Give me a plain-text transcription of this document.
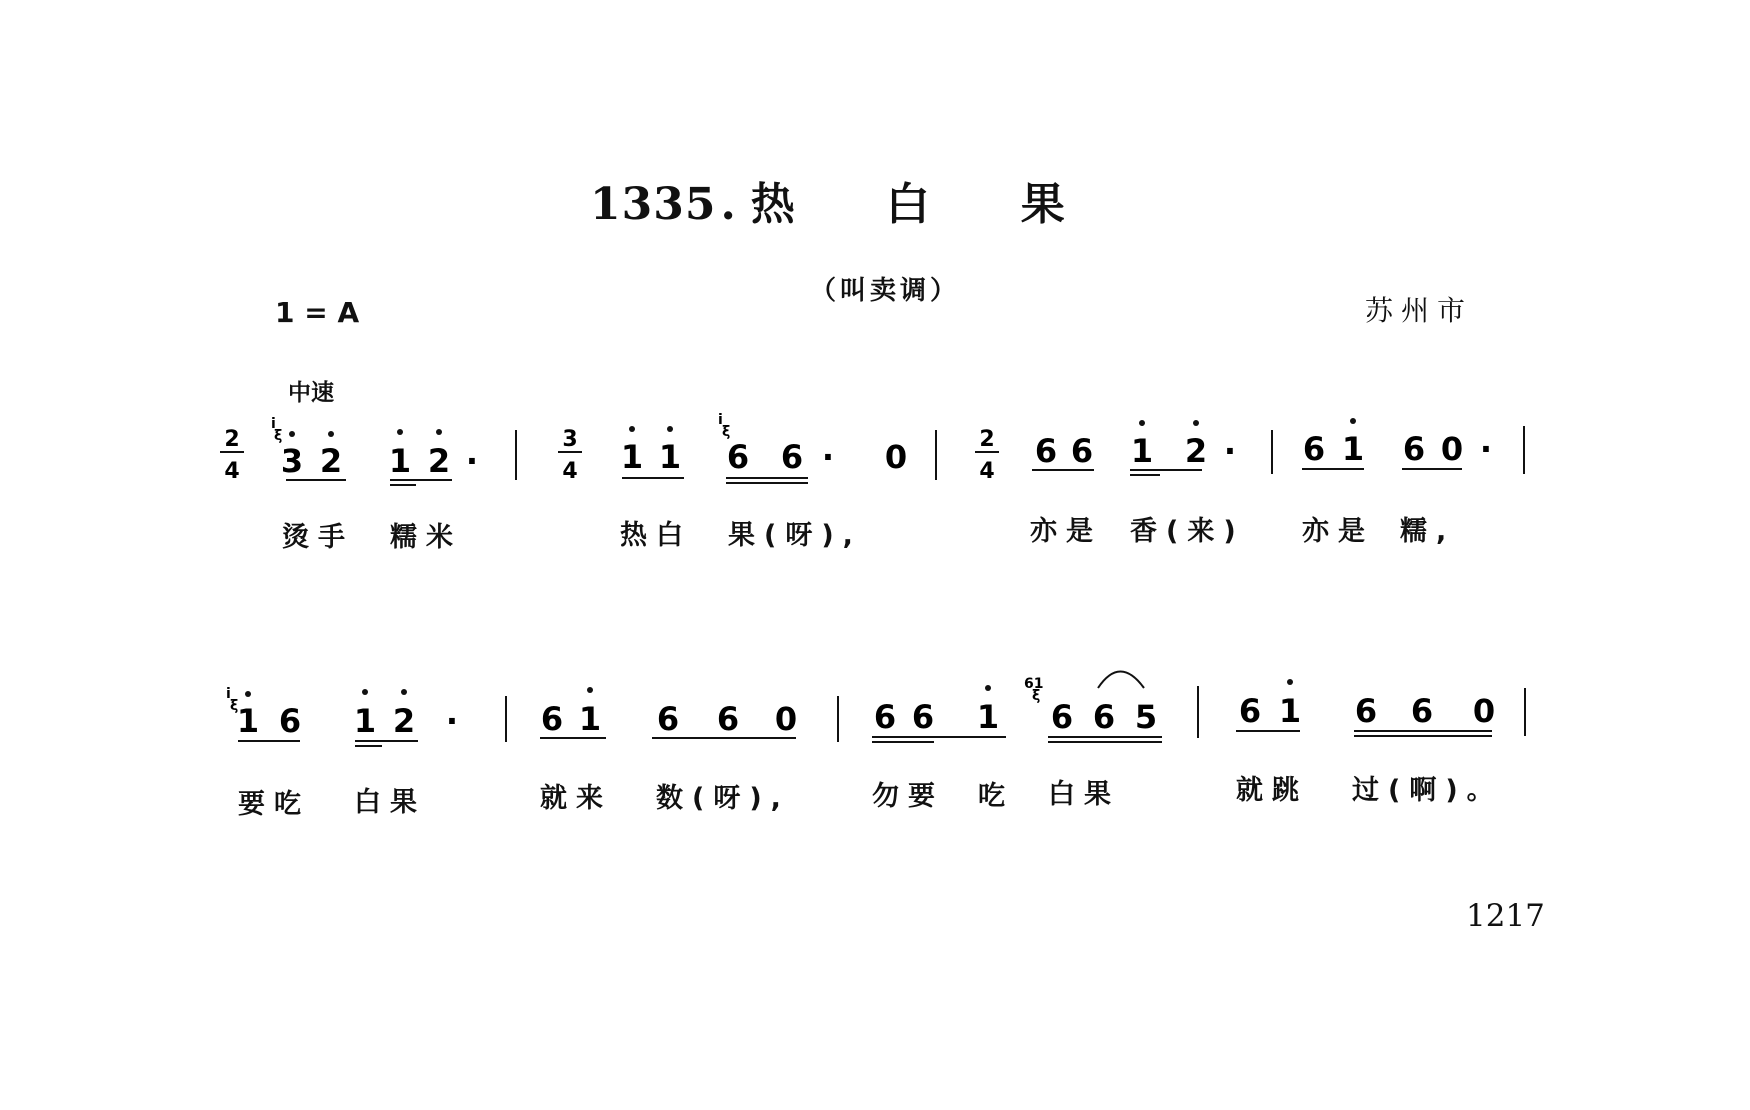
1335. 热 白 果
（叫卖调）
1 = A	苏州市
中速
2
4
3
4
2
4
i
ξ
i
ξ
i
ξ
61
ξ
3 2 1 2 ·	1 1 6 6 · 0	6 6 1 2 · 6 1 6 0 ·
1 6 1 2 ·	6 1 6 6 0 6 6 1 6 6 5	6 1 6 6 0
烫手 糯米	热白 果(呀),	亦是 香(来) 亦是 糯,
要吃 白果	就来 数(呀),	勿要 吃 白果	就跳 过(啊)。
1217
